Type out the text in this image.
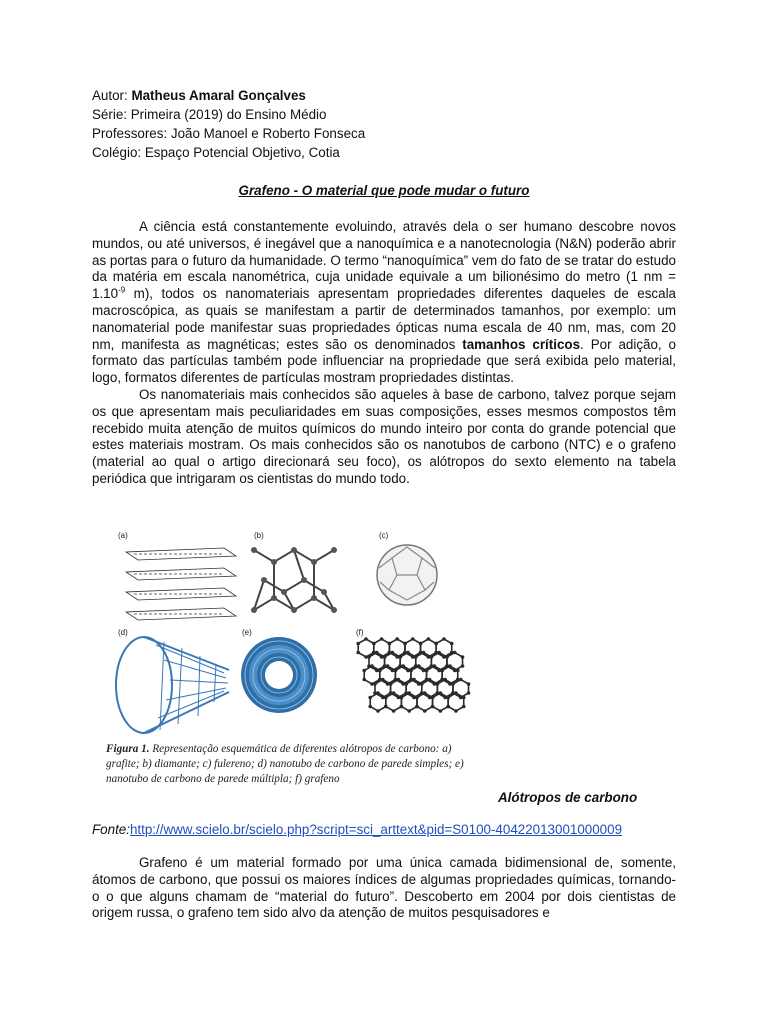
Autor: Matheus Amaral Gonçalves
Série: Primeira (2019) do Ensino Médio
Professores: João Manoel e Roberto Fonseca
Colégio: Espaço Potencial Objetivo, Cotia
Grafeno - O material que pode mudar o futuro

A ciência está constantemente evoluindo, através dela o ser humano descobre novos mundos, ou até universos, é inegável que a nanoquímica e a nanotecnologia (N&N) poderão abrir as portas para o futuro da humanidade. O termo “nanoquímica” vem do fato de se tratar do estudo da matéria em escala nanométrica, cuja unidade equivale a um bilionésimo do metro (1 nm = $1.10^{-9}$ m), todos os nanomateriais apresentam propriedades diferentes daqueles de escala macroscópica, as quais se manifestam a partir de determinados tamanhos, por exemplo: um nanomaterial pode manifestar suas propriedades ópticas numa escala de 40 nm, mas, com 20 nm, manifesta as magnéticas; estes são os denominados tamanhos críticos. Por adição, o formato das partículas também pode influenciar na propriedade que será exibida pelo material, logo, formatos diferentes de partículas mostram propriedades distintas.

Os nanomateriais mais conhecidos são aqueles à base de carbono, talvez porque sejam os que apresentam mais peculiaridades em suas composições, esses mesmos compostos têm recebido muita atenção de muitos químicos do mundo inteiro por conta do grande potencial que estes materiais mostram. Os mais conhecidos são os nanotubos de carbono (NTC) e o grafeno (material ao qual o artigo direcionará seu foco), os alótropos do sexto elemento na tabela periódica que intrigaram os cientistas do mundo todo.

(a)	(b)	(c)
(d)	(e)	(f)
Figura 1. Representação esquemática de diferentes alótropos de carbono: a) grafite; b) diamante; c) fulereno; d) nanotubo de carbono de parede simples; e) nanotubo de carbono de parede múltipla; f) grafeno
Alótropos de carbono
Fonte:http://www.scielo.br/scielo.php?script=sci_arttext&pid=S0100-40422013001000009

Grafeno é um material formado por uma única camada bidimensional de, somente, átomos de carbono, que possui os maiores índices de algumas propriedades químicas, tornando-o o que alguns chamam de “material do futuro”. Descoberto em 2004 por dois cientistas de origem russa, o grafeno tem sido alvo da atenção de muitos pesquisadores e
